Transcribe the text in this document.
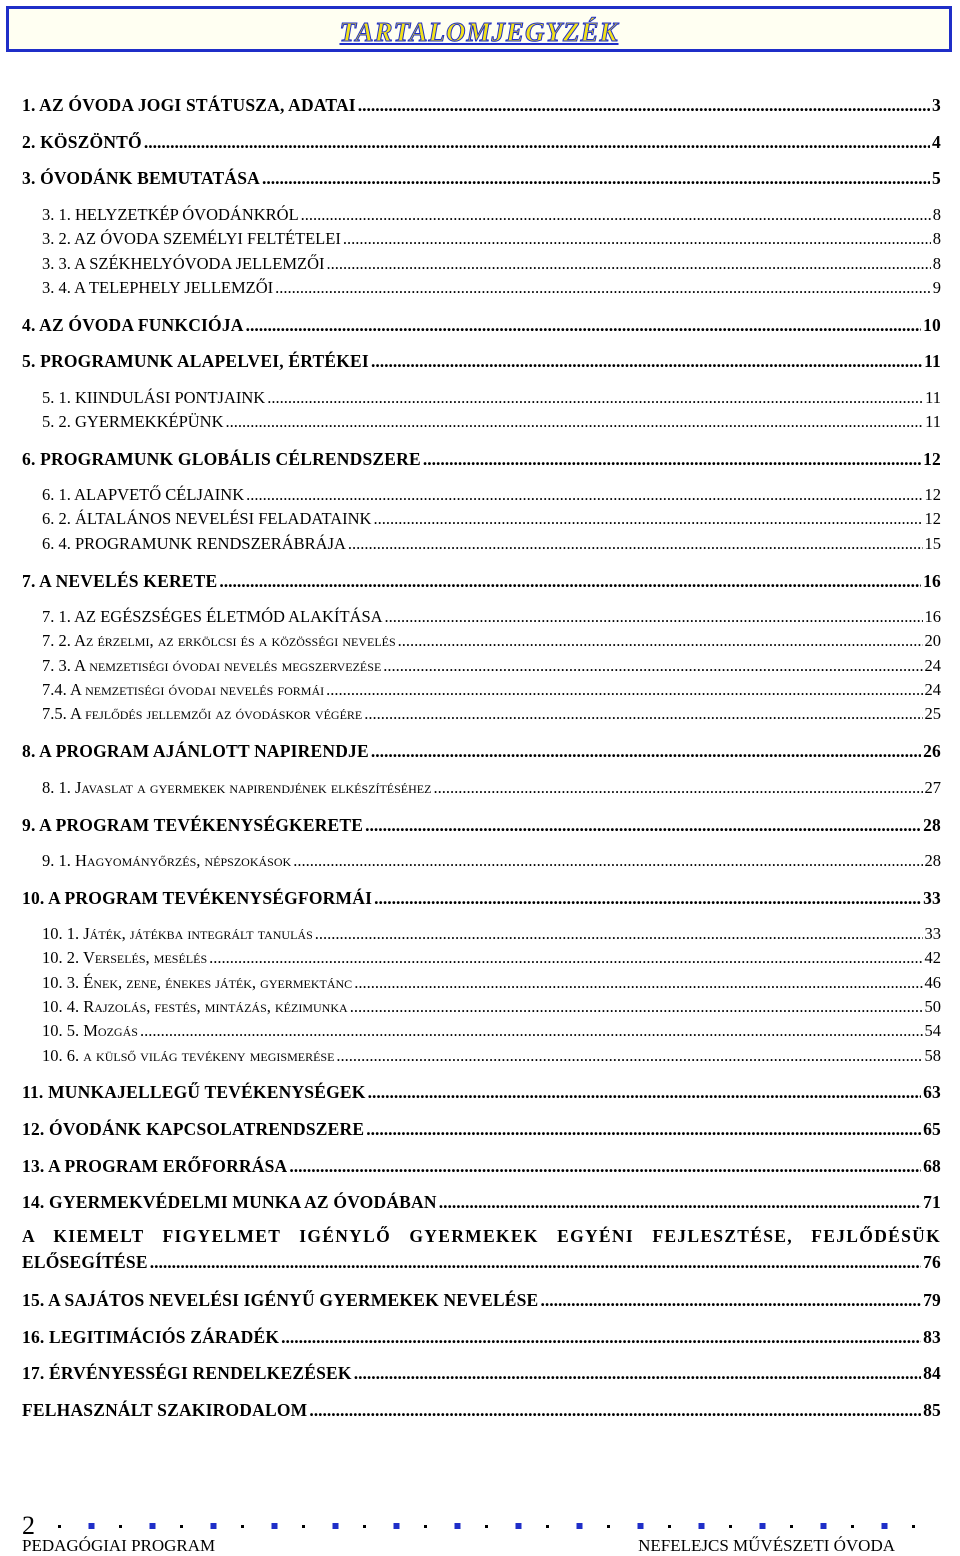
TARTALOMJEGYZÉK
1. AZ ÓVODA JOGI STÁTUSZA, ADATAI .....	3
2. KÖSZÖNTŐ .....	4
3. ÓVODÁNK BEMUTATÁSA .....	5
3. 1. HELYZETKÉP ÓVODÁNKRÓL .....	8
3. 2. AZ ÓVODA SZEMÉLYI FELTÉTELEI .....	8
3. 3. A SZÉKHELYÓVODA JELLEMZŐI .....	8
3. 4. A TELEPHELY JELLEMZŐI .....	9
4. AZ ÓVODA FUNKCIÓJA .....	10
5. PROGRAMUNK ALAPELVEI, ÉRTÉKEI .....	11
5. 1. KIINDULÁSI PONTJAINK .....	11
5. 2. GYERMEKKÉPÜNK .....	11
6. PROGRAMUNK GLOBÁLIS CÉLRENDSZERE .....	12
6. 1. ALAPVETŐ CÉLJAINK .....	12
6. 2. ÁLTALÁNOS NEVELÉSI FELADATAINK .....	12
6. 4. PROGRAMUNK RENDSZERÁBRÁJA .....	15
7. A NEVELÉS KERETE .....	16
7. 1. AZ EGÉSZSÉGES ÉLETMÓD ALAKÍTÁSA .....	16
7. 2. Az érzelmi, az erkölcsi és a közösségi nevelés .....	20
7. 3. A nemzetiségi óvodai nevelés megszervezése .....	24
7.4. A nemzetiségi óvodai nevelés formái .....	24
7.5. A fejlődés jellemzői az óvodáskor végére .....	25
8. A PROGRAM AJÁNLOTT NAPIRENDJE .....	26
8. 1. Javaslat a gyermekek napirendjének elkészítéséhez .....	27
9. A PROGRAM TEVÉKENYSÉGKERETE .....	28
9. 1. Hagyományőrzés, népszokások .....	28
10. A PROGRAM TEVÉKENYSÉGFORMÁI .....	33
10. 1. Játék, játékba integrált tanulás .....	33
10. 2. Verselés, mesélés .....	42
10. 3. Ének, zene, énekes játék, gyermektánc .....	46
10. 4. Rajzolás, festés, mintázás, kézimunka .....	50
10. 5. Mozgás .....	54
10. 6. a külső világ tevékeny megismerése .....	58
11. MUNKAJELLEGŰ TEVÉKENYSÉGEK .....	63
12. ÓVODÁNK KAPCSOLATRENDSZERE .....	65
13. A PROGRAM ERŐFORRÁSA .....	68
14. GYERMEKVÉDELMI MUNKA AZ ÓVODÁBAN .....	71
A KIEMELT FIGYELMET IGÉNYLŐ GYERMEKEK EGYÉNI FEJLESZTÉSE, FEJLŐDÉSÜK
ELŐSEGÍTÉSE .....	76
15. A SAJÁTOS NEVELÉSI IGÉNYŰ GYERMEKEK NEVELÉSE .....	79
16. LEGITIMÁCIÓS ZÁRADÉK .....	83
17. ÉRVÉNYESSÉGI RENDELKEZÉSEK .....	84
FELHASZNÁLT SZAKIRODALOM .....	85
2
PEDAGÓGIAI PROGRAM	NEFELEJCS MŰVÉSZETI ÓVODA
